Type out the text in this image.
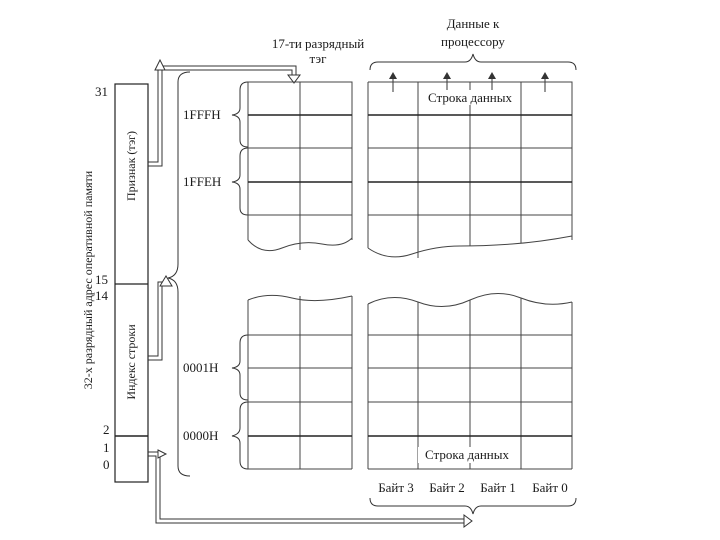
17-ти разрядный
тэг
Данные к
процессору
31
15
14
2
1
0
32-х разрядный адрес оперативной памяти
Признак (тэг)
Индекс строки
1FFFH
1FFEH
0001H
0000H
Строка данных
Строка данных
Байт 3 Байт 2 Байт 1 Байт 0
